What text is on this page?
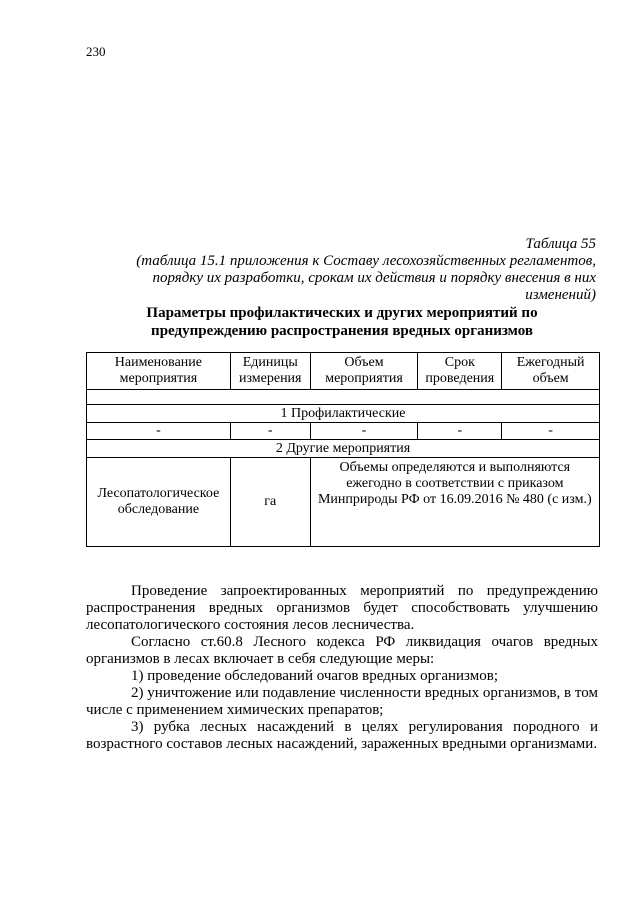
230
Таблица 55
(таблица 15.1 приложения к Составу лесохозяйственных регламентов,
порядку их разработки, срокам их действия и порядку внесения в них
изменений)
Параметры профилактических и других мероприятий по
предупреждению распространения вредных организмов
Наименование мероприятия	Единицы измерения	Объем мероприятия	Срок проведения	Ежегодный объем

1 Профилактические				
-	-	-	-	-
2 Другие мероприятия				
Лесопатологическое обследование	га	Объемы определяются и выполняются ежегодно в соответствии с приказом Минприроды РФ от 16.09.2016 № 480 (с изм.)		

Проведение запроектированных мероприятий по предупреждению распространения вредных организмов будет способствовать улучшению лесопатологического состояния лесов лесничества.

Согласно ст.60.8 Лесного кодекса РФ ликвидация очагов вредных организмов в лесах включает в себя следующие меры:

1) проведение обследований очагов вредных организмов;

2) уничтожение или подавление численности вредных организмов, в том числе с применением химических препаратов;

3) рубка лесных насаждений в целях регулирования породного и возрастного составов лесных насаждений, зараженных вредными организмами.
